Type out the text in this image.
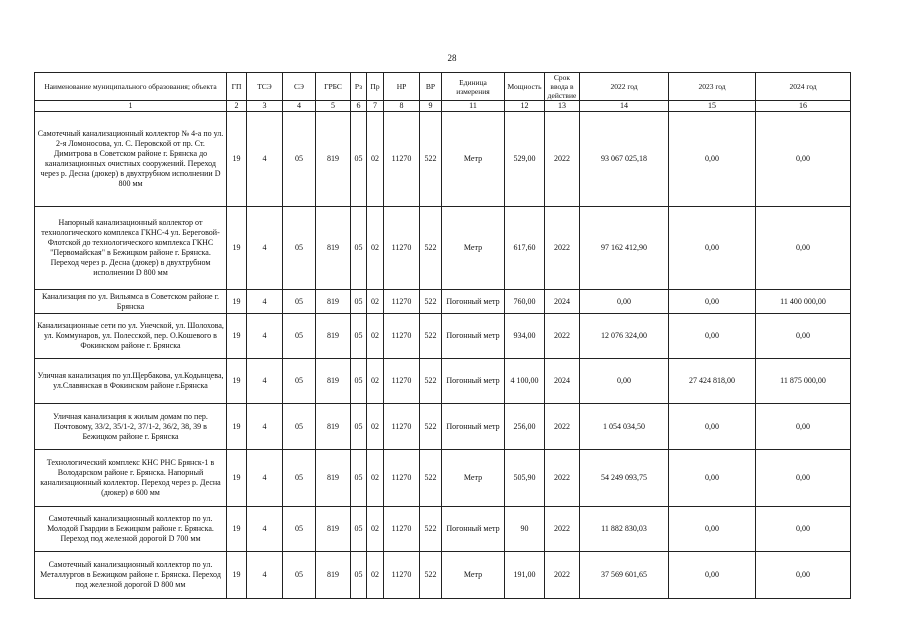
28
Наименование муниципального образования; объекта	ГП	ТСЭ	СЭ	ГРБС	Рз	Пр	НР	ВР	Единица измерения	Мощность	Срок ввода в действие	2022 год	2023 год	2024 год
1	2	3	4	5	6	7	8	9	11	12	13	14	15	16
Самотечный канализационный коллектор № 4-а по ул. 2-я Ломоносова, ул. С. Перовской от пр. Ст. Димитрова в Советском районе г. Брянска до канализационных очистных сооружений. Переход через р. Десна (дюкер) в двухтрубном исполнении D 800 мм	19	4	05	819	05	02	11270	522	Метр	529,00	2022	93 067 025,18	0,00	0,00
Напорный канализационный коллектор от технологического комплекса ГКНС-4 ул. Береговой-Флотской до технологического комплекса ГКНС "Первомайская" в Бежицком районе г. Брянска. Переход через р. Десна (дюкер) в двухтрубном исполнении D 800 мм	19	4	05	819	05	02	11270	522	Метр	617,60	2022	97 162 412,90	0,00	0,00
Канализация по ул. Вильямса в Советском районе г. Брянска	19	4	05	819	05	02	11270	522	Погонный метр	760,00	2024	0,00	0,00	11 400 000,00
Канализационные сети по ул. Унечской, ул. Шолохова, ул. Коммунаров, ул. Полесской, пер. О.Кошевого в Фокинском районе г. Брянска	19	4	05	819	05	02	11270	522	Погонный метр	934,00	2022	12 076 324,00	0,00	0,00
Уличная канализация по ул.Щербакова, ул.Кодынцева, ул.Славянская в Фокинском районе г.Брянска	19	4	05	819	05	02	11270	522	Погонный метр	4 100,00	2024	0,00	27 424 818,00	11 875 000,00
Уличная канализация к жилым домам по пер. Почтовому, 33/2, 35/1-2, 37/1-2, 36/2, 38, 39 в Бежицком районе г. Брянска	19	4	05	819	05	02	11270	522	Погонный метр	256,00	2022	1 054 034,50	0,00	0,00
Технологический комплекс КНС РНС Брянск-1 в Володарском районе г. Брянска. Напорный канализационный коллектор. Переход через р. Десна (дюкер) ø 600 мм	19	4	05	819	05	02	11270	522	Метр	505,90	2022	54 249 093,75	0,00	0,00
Самотечный канализационный коллектор по ул. Молодой Гвардии в Бежицком районе г. Брянска. Переход под железной дорогой D 700 мм	19	4	05	819	05	02	11270	522	Погонный метр	90	2022	11 882 830,03	0,00	0,00
Самотечный канализационный коллектор по ул. Металлургов в Бежицком районе г. Брянска. Переход под железной дорогой D 800 мм	19	4	05	819	05	02	11270	522	Метр	191,00	2022	37 569 601,65	0,00	0,00
